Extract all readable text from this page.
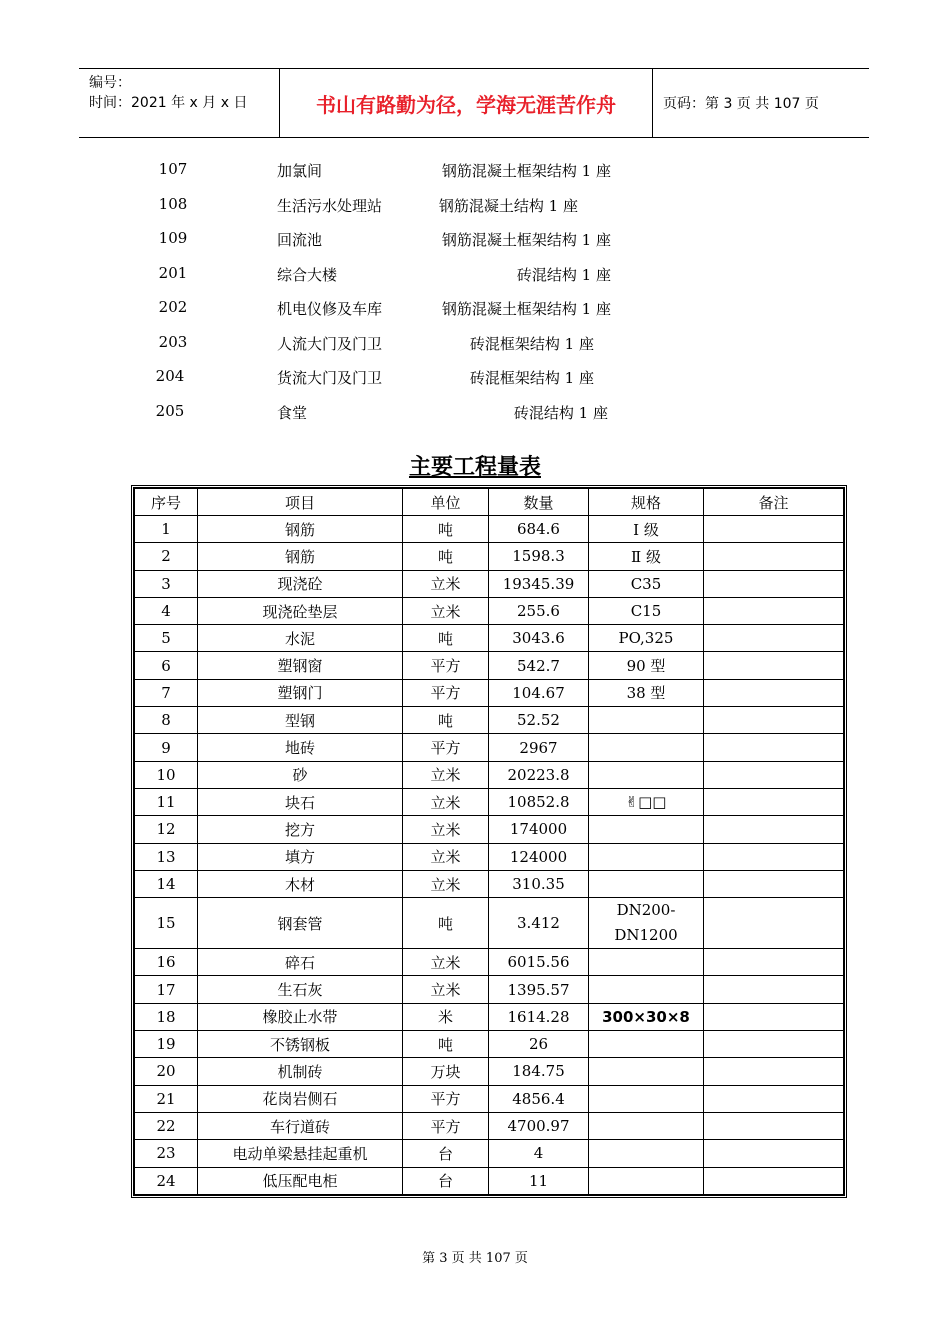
编号：
时间：2021 年 x 月 x 日	书山有路勤为径，学海无涯苦作舟	页码：第 3 页 共 107 页
107	加氯间	钢筋混凝土框架结构 1 座
108	生活污水处理站	钢筋混凝土结构 1 座
109	回流池	钢筋混凝土框架结构 1 座
201	综合大楼	砖混结构 1 座
202	机电仪修及车库	钢筋混凝土框架结构 1 座
203	人流大门及门卫	砖混框架结构 1 座
204	货流大门及门卫	砖混框架结构 1 座
205	食堂	砖混结构 1 座
主要工程量表
序号	项目	单位	数量	规格	备注
1	钢筋	吨	684.6	Ⅰ 级	
2	钢筋	吨	1598.3	Ⅱ 级	
3	现浇砼	立米	19345.39	C35	
4	现浇砼垫层	立米	255.6	C15	
5	水泥	吨	3043.6	PO,325	
6	塑钢窗	平方	542.7	90 型	
7	塑钢门	平方	104.67	38 型	
8	型钢	吨	52.52		
9	地砖	平方	2967		
10	砂	立米	20223.8		
11	块石	立米	10852.8	✌□□	
12	挖方	立米	174000		
13	填方	立米	124000		
14	木材	立米	310.35		
15	钢套管	吨	3.412	DN200-
DN1200	
16	碎石	立米	6015.56		
17	生石灰	立米	1395.57		
18	橡胶止水带	米	1614.28	300×30×8	
19	不锈钢板	吨	26		
20	机制砖	万块	184.75		
21	花岗岩侧石	平方	4856.4		
22	车行道砖	平方	4700.97		
23	电动单梁悬挂起重机	台	4		
24	低压配电柜	台	11		
第 3 页 共 107 页
